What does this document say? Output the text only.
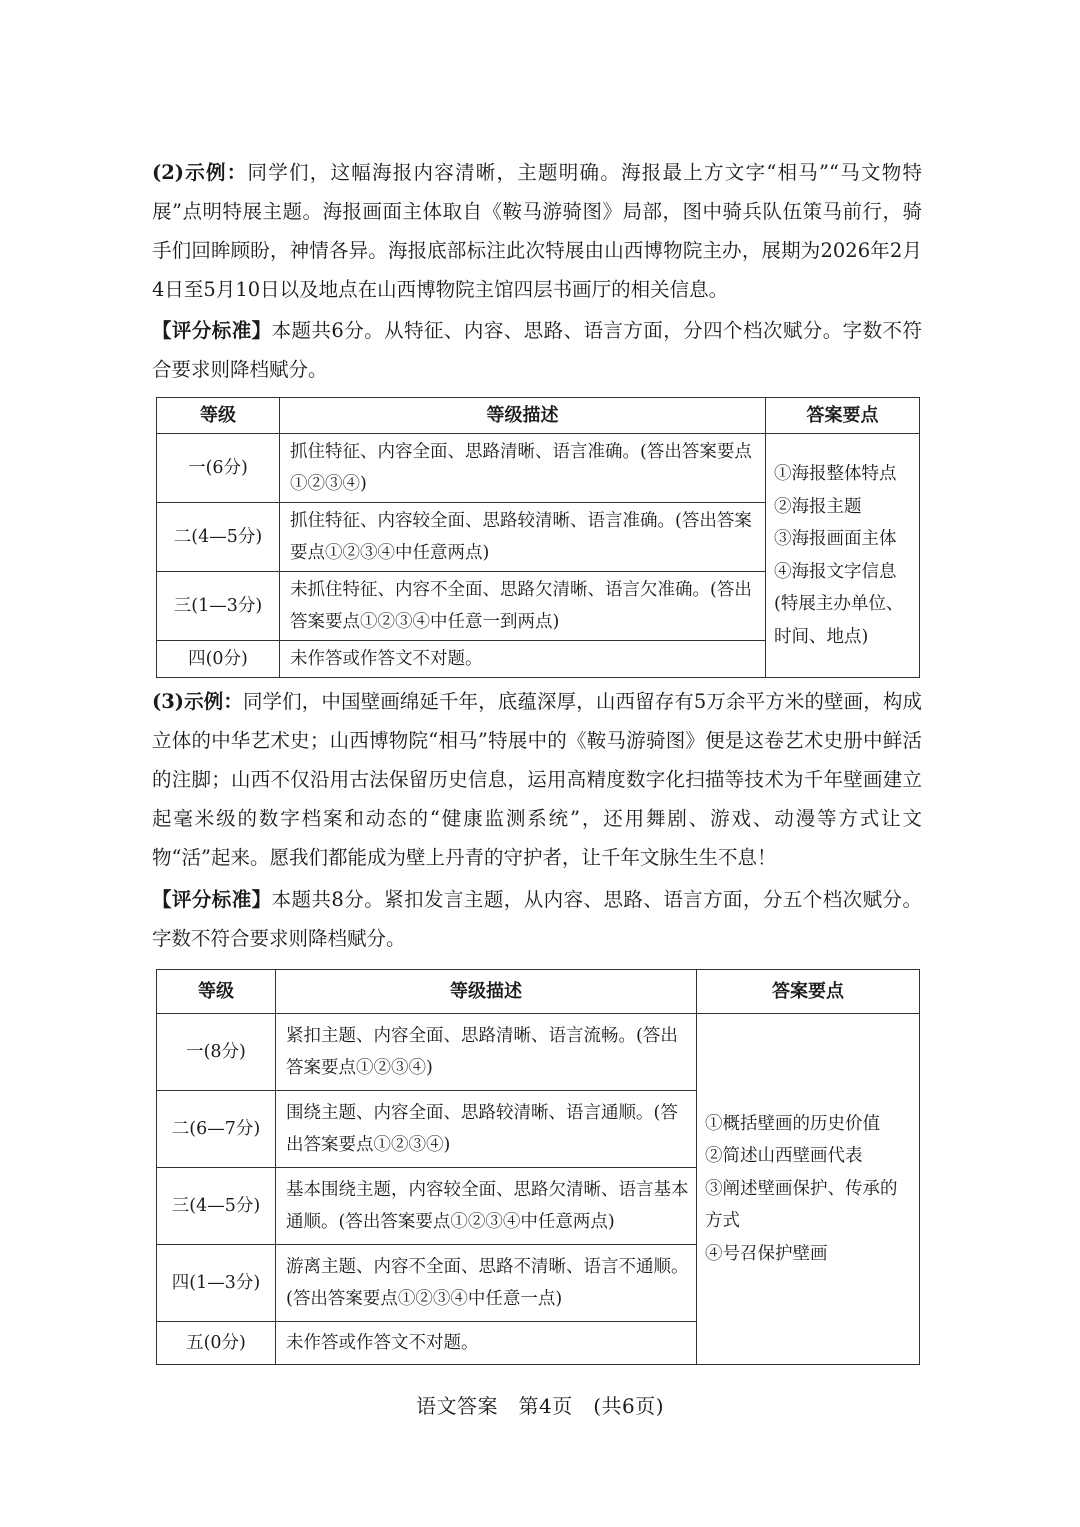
(2)示例：同学们，这幅海报内容清晰，主题明确。海报最上方文字“相马”“马文物特展”点明特展主题。海报画面主体取自《鞍马游骑图》局部，图中骑兵队伍策马前行，骑手们回眸顾盼，神情各异。海报底部标注此次特展由山西博物院主办，展期为2026年2月4日至5月10日以及地点在山西博物院主馆四层书画厅的相关信息。

【评分标准】本题共6分。从特征、内容、思路、语言方面，分四个档次赋分。字数不符合要求则降档赋分。

等级	等级描述	答案要点
一(6分)	抓住特征、内容全面、思路清晰、语言准确。(答出答案要点①②③④)	①海报整体特点
②海报主题
③海报画面主体
④海报文字信息
(特展主办单位、时间、地点)

二(4—5分)	抓住特征、内容较全面、思路较清晰、语言准确。(答出答案要点①②③④中任意两点)	
三(1—3分)	未抓住特征、内容不全面、思路欠清晰、语言欠准确。(答出答案要点①②③④中任意一到两点)	
四(0分)	未作答或作答文不对题。	

(3)示例：同学们，中国壁画绵延千年，底蕴深厚，山西留存有5万余平方米的壁画，构成立体的中华艺术史；山西博物院“相马”特展中的《鞍马游骑图》便是这卷艺术史册中鲜活的注脚；山西不仅沿用古法保留历史信息，运用高精度数字化扫描等技术为千年壁画建立起毫米级的数字档案和动态的“健康监测系统”，还用舞剧、游戏、动漫等方式让文物“活”起来。愿我们都能成为壁上丹青的守护者，让千年文脉生生不息！

【评分标准】本题共8分。紧扣发言主题，从内容、思路、语言方面，分五个档次赋分。字数不符合要求则降档赋分。

等级	等级描述	答案要点
一(8分)	紧扣主题、内容全面、思路清晰、语言流畅。(答出答案要点①②③④)	①概括壁画的历史价值
②简述山西壁画代表
③阐述壁画保护、传承的方式
④号召保护壁画

二(6—7分)	围绕主题、内容全面、思路较清晰、语言通顺。(答出答案要点①②③④)	
三(4—5分)	基本围绕主题，内容较全面、思路欠清晰、语言基本通顺。(答出答案要点①②③④中任意两点)	
四(1—3分)	游离主题、内容不全面、思路不清晰、语言不通顺。(答出答案要点①②③④中任意一点)	
五(0分)	未作答或作答文不对题。	
语文答案　第4页　(共6页)
